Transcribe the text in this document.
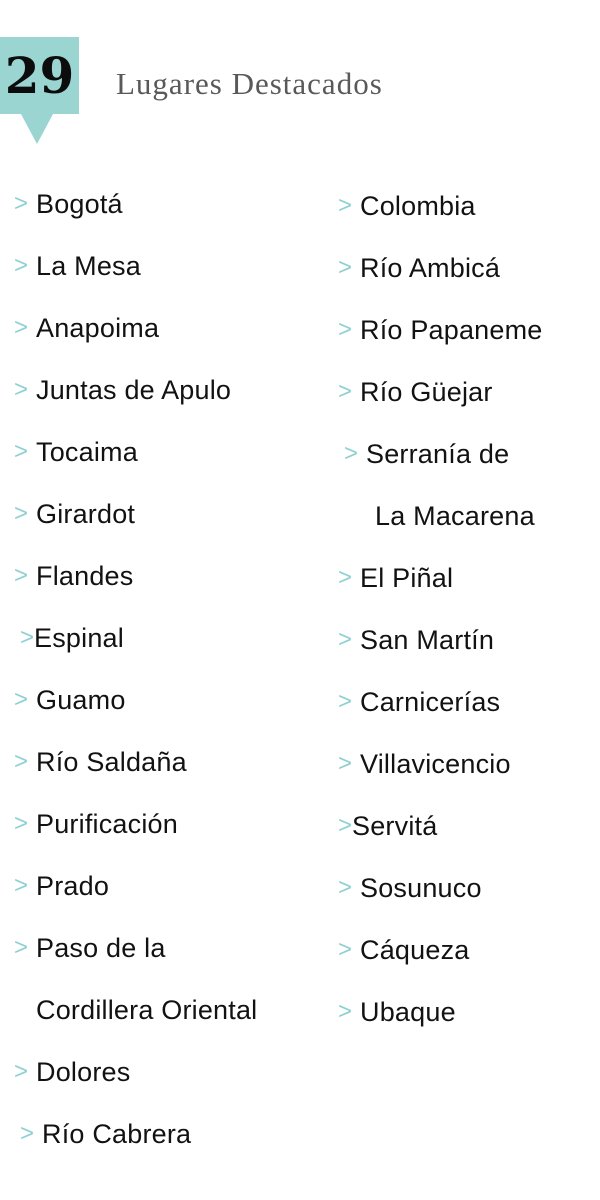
29 Lugares Destacados
> Bogotá
> La Mesa
> Anapoima
> Juntas de Apulo
> Tocaima
> Girardot
> Flandes
> Espinal
> Guamo
> Río Saldaña
> Purificación
> Prado
> Paso de la
Cordillera Oriental
> Dolores
> Río Cabrera
> Colombia
> Río Ambicá
> Río Papaneme
> Río Güejar
> Serranía de
La Macarena
> El Piñal
> San Martín
> Carnicerías
> Villavicencio
> Servitá
> Sosunuco
> Cáqueza
> Ubaque
